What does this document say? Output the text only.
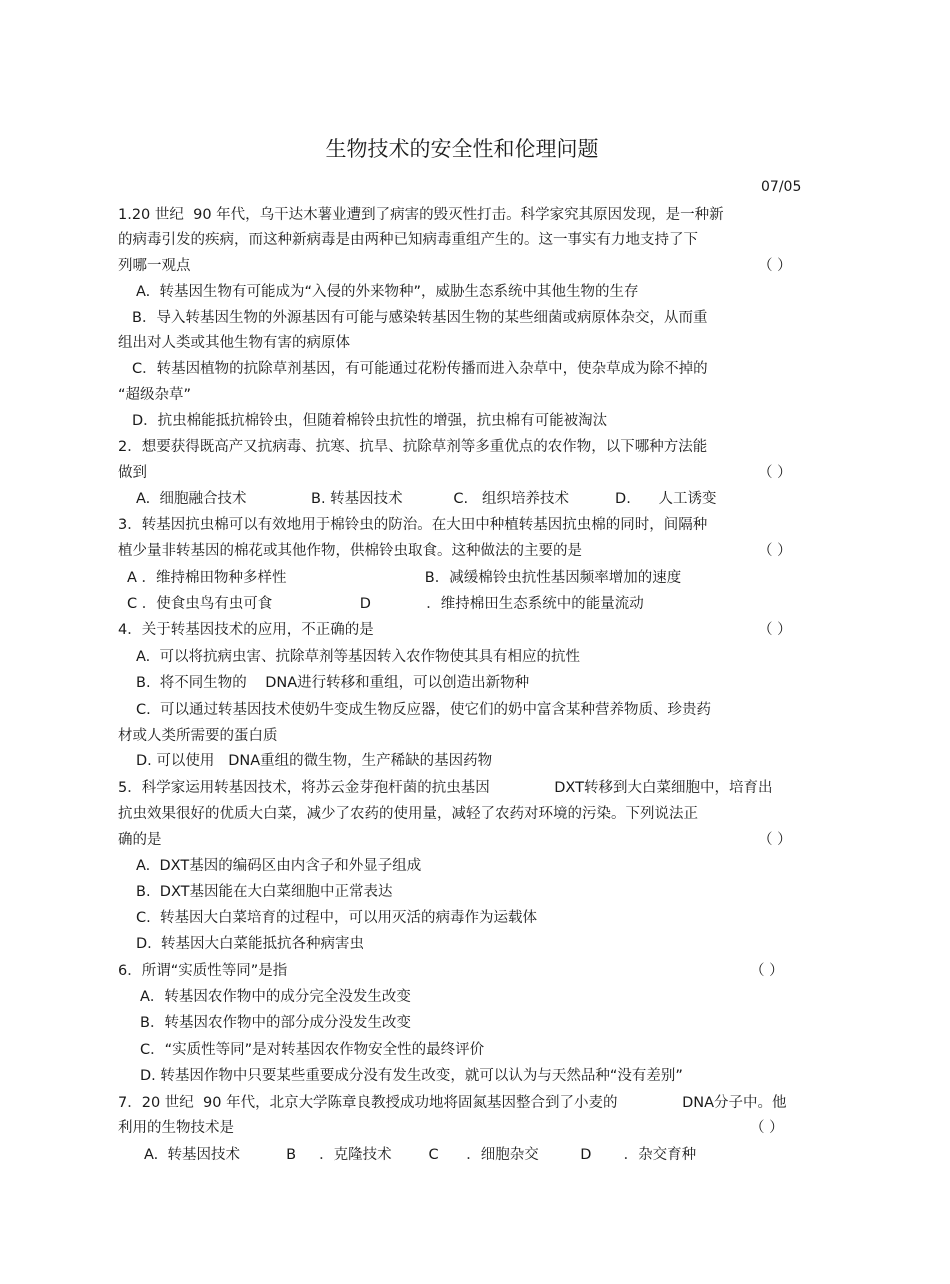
生物技术的安全性和伦理问题
07/05
1.20 世纪  90 年代，乌干达木薯业遭到了病害的毁灭性打击。科学家究其原因发现，是一种新
的病毒引发的疾病，而这种新病毒是由两种已知病毒重组产生的。这一事实有力地支持了下
列哪一观点	（ ）
A.  转基因生物有可能成为“入侵的外来物种”，威胁生态系统中其他生物的生存
B．导入转基因生物的外源基因有可能与感染转基因生物的某些细菌或病原体杂交，从而重
组出对人类或其他生物有害的病原体
C．转基因植物的抗除草剂基因，有可能通过花粉传播而进入杂草中，使杂草成为除不掉的
“超级杂草”
D．抗虫棉能抵抗棉铃虫，但随着棉铃虫抗性的增强，抗虫棉有可能被淘汰
2．想要获得既高产又抗病毒、抗寒、抗旱、抗除草剂等多重优点的农作物，以下哪种方法能
做到	（ ）
A.  细胞融合技术              B. 转基因技术           C.   组织培养技术          D.      人工诱变
3．转基因抗虫棉可以有效地用于棉铃虫的防治。在大田中种植转基因抗虫棉的同时，间隔种
植少量非转基因的棉花或其他作物，供棉铃虫取食。这种做法的主要的是	（ ）
A ．维持棉田物种多样性                              B．减缓棉铃虫抗性基因频率增加的速度
C ．使食虫鸟有虫可食                   D            ．维持棉田生态系统中的能量流动
4．关于转基因技术的应用，不正确的是	（ ）
A.  可以将抗病虫害、抗除草剂等基因转入农作物使其具有相应的抗性
B.  将不同生物的    DNA进行转移和重组，可以创造出新物种
C.  可以通过转基因技术使奶牛变成生物反应器，使它们的奶中富含某种营养物质、珍贵药
材或人类所需要的蛋白质
D. 可以使用   DNA重组的微生物，生产稀缺的基因药物
5．科学家运用转基因技术，将苏云金芽孢杆菌的抗虫基因              DXT转移到大白菜细胞中，培育出
抗虫效果很好的优质大白菜，减少了农药的使用量，减轻了农药对环境的污染。下列说法正
确的是	（ ）
A.  DXT基因的编码区由内含子和外显子组成
B.  DXT基因能在大白菜细胞中正常表达
C.  转基因大白菜培育的过程中，可以用灭活的病毒作为运载体
D.  转基因大白菜能抵抗各种病害虫
6．所谓“实质性等同”是指	（ ）
A．转基因农作物中的成分完全没发生改变
B．转基因农作物中的部分成分没发生改变
C．“实质性等同”是对转基因农作物安全性的最终评价
D. 转基因作物中只要某些重要成分没有发生改变，就可以认为与天然品种“没有差别”
7．20 世纪  90 年代，北京大学陈章良教授成功地将固氮基因整合到了小麦的              DNA分子中。他
利用的生物技术是	（ ）
A.  转基因技术          B     ．克隆技术        C      ．细胞杂交         D       ．杂交育种
